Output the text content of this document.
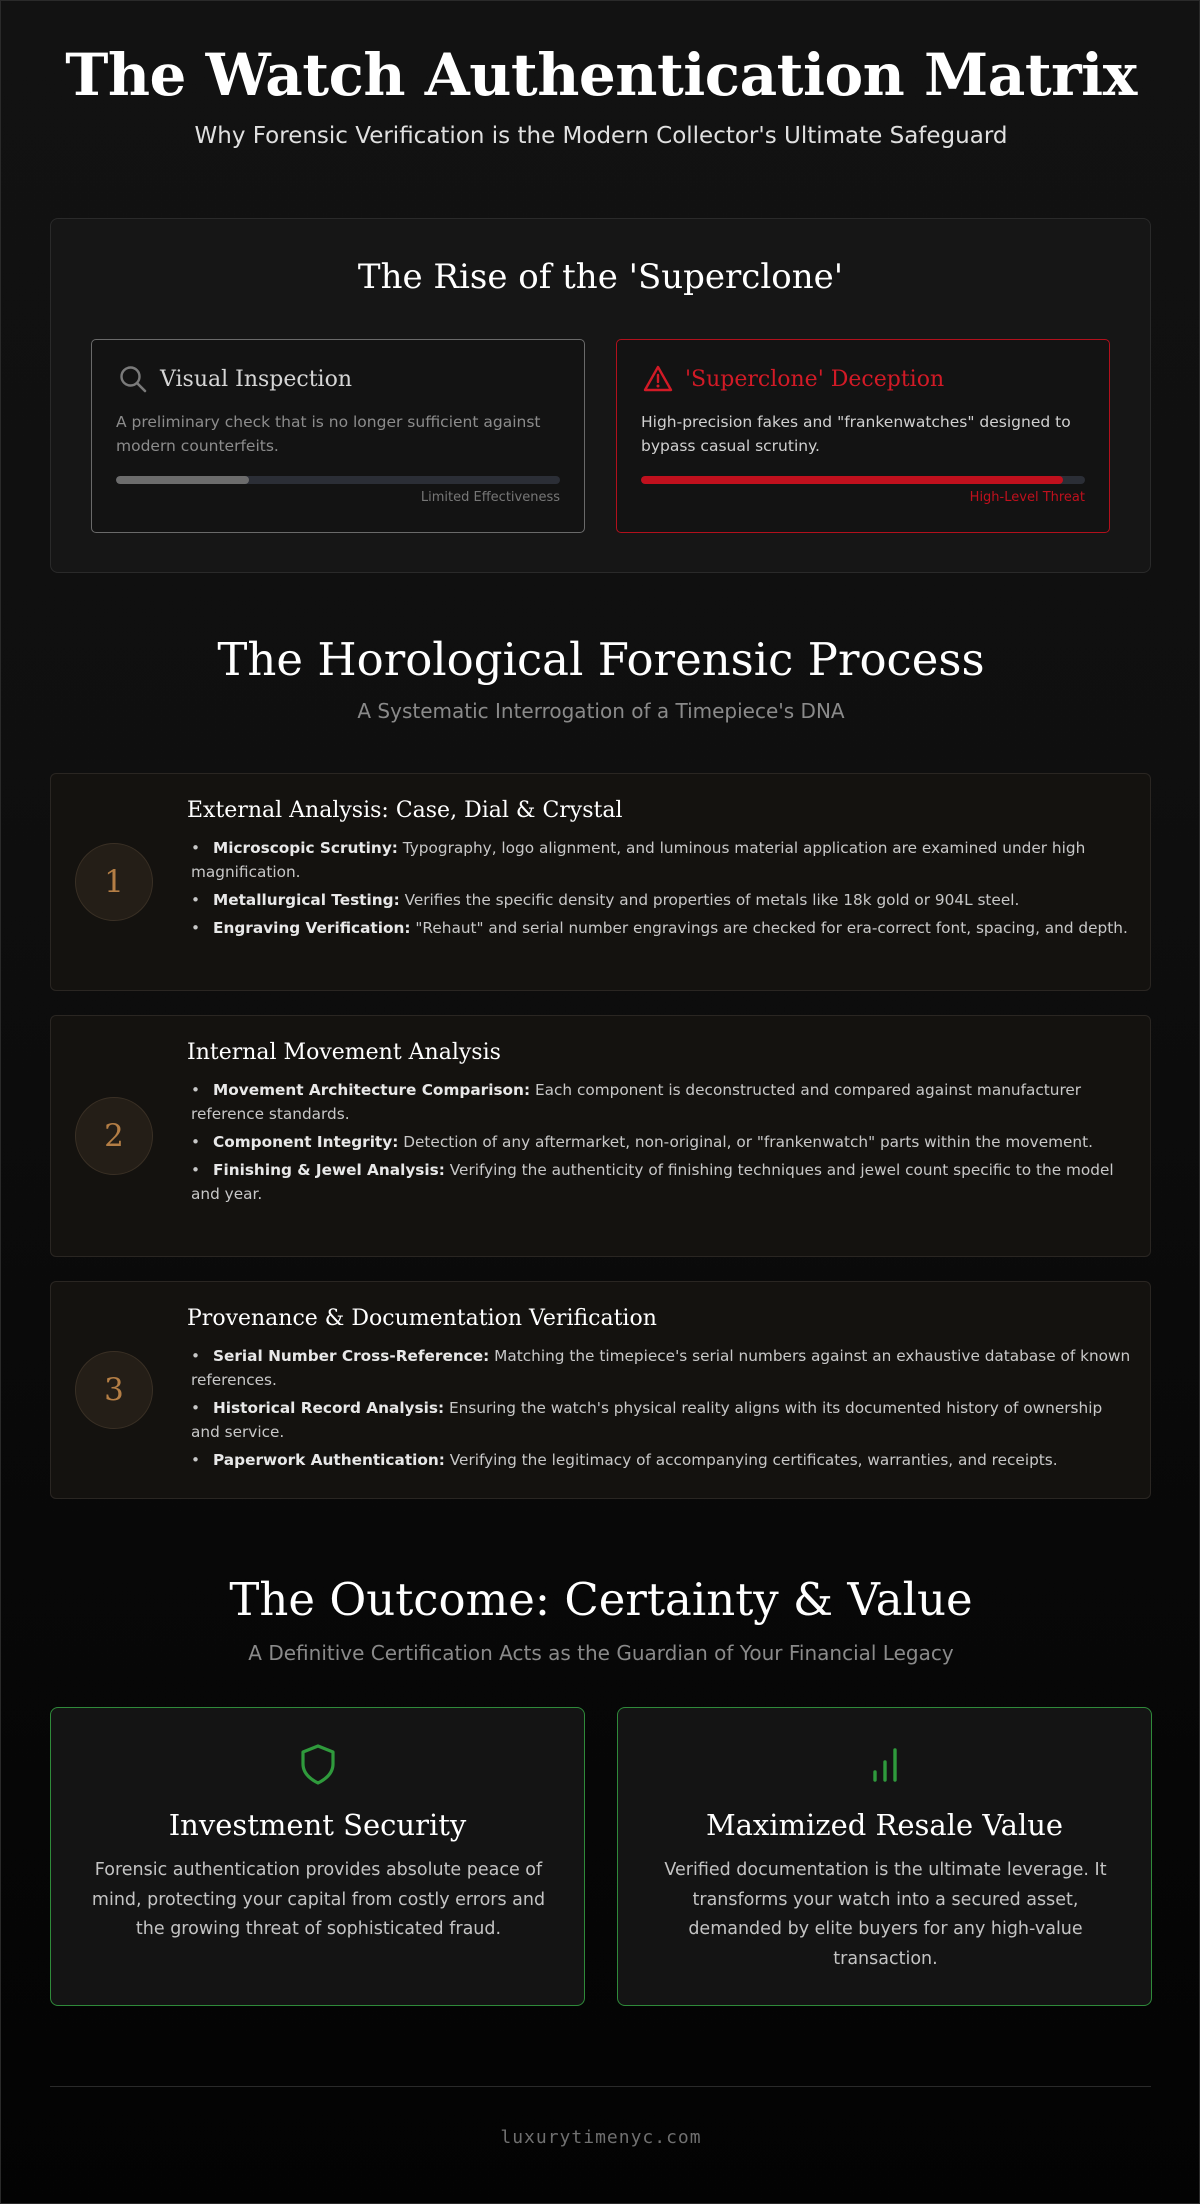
The Watch Authentication Matrix
Why Forensic Verification is the Modern Collector's Ultimate Safeguard
The Rise of the 'Superclone'
Visual Inspection
A preliminary check that is no longer sufficient against modern counterfeits.
Limited Effectiveness
'Superclone' Deception
High-precision fakes and "frankenwatches" designed to bypass casual scrutiny.
High-Level Threat
The Horological Forensic Process
A Systematic Interrogation of a Timepiece's DNA
1
External Analysis: Case, Dial & Crystal
• Microscopic Scrutiny: Typography, logo alignment, and luminous material application are examined under high magnification.
• Metallurgical Testing: Verifies the specific density and properties of metals like 18k gold or 904L steel.
• Engraving Verification: "Rehaut" and serial number engravings are checked for era-correct font, spacing, and depth.
2
Internal Movement Analysis
• Movement Architecture Comparison: Each component is deconstructed and compared against manufacturer reference standards.
• Component Integrity: Detection of any aftermarket, non-original, or "frankenwatch" parts within the movement.
• Finishing & Jewel Analysis: Verifying the authenticity of finishing techniques and jewel count specific to the model and year.
3
Provenance & Documentation Verification
• Serial Number Cross-Reference: Matching the timepiece's serial numbers against an exhaustive database of known references.
• Historical Record Analysis: Ensuring the watch's physical reality aligns with its documented history of ownership and service.
• Paperwork Authentication: Verifying the legitimacy of accompanying certificates, warranties, and receipts.
The Outcome: Certainty & Value
A Definitive Certification Acts as the Guardian of Your Financial Legacy
Investment Security
Forensic authentication provides absolute peace of mind, protecting your capital from costly errors and the growing threat of sophisticated fraud.
Maximized Resale Value
Verified documentation is the ultimate leverage. It transforms your watch into a secured asset, demanded by elite buyers for any high-value transaction.
luxurytimenyc.com
